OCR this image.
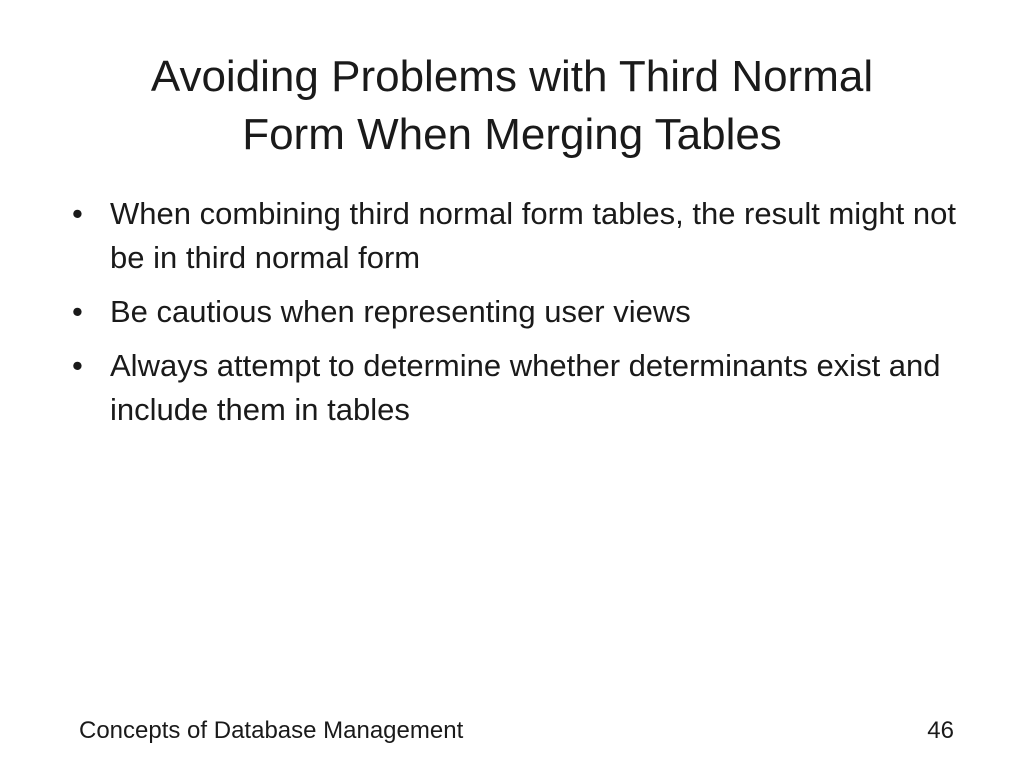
Avoiding Problems with Third Normal
Form When Merging Tables
• When combining third normal form tables, the result might not be in third normal form
• Be cautious when representing user views
• Always attempt to determine whether determinants exist and include them in tables
Concepts of Database Management	46
